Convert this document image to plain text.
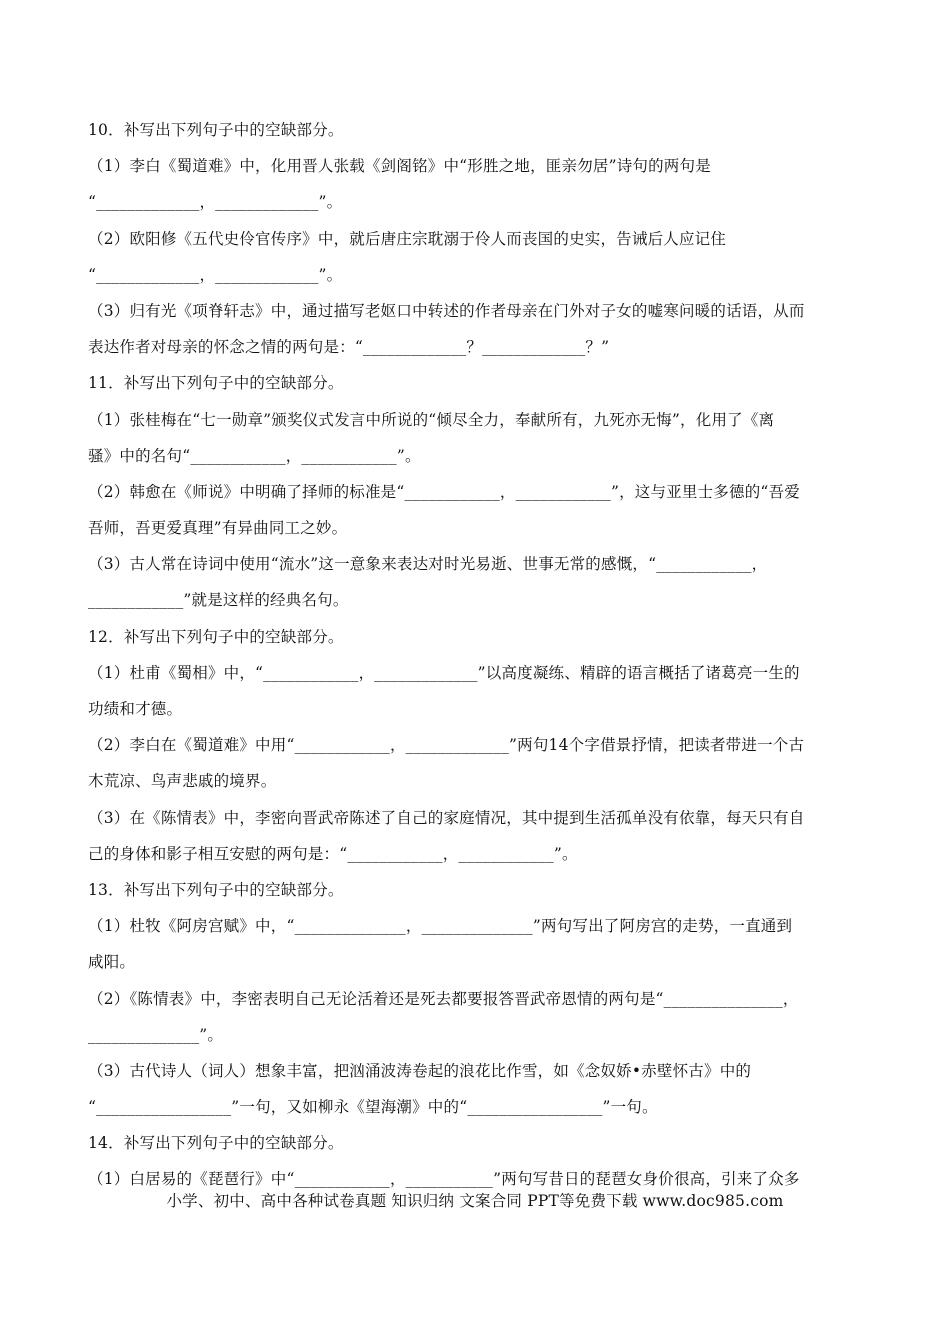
10．补写出下列句子中的空缺部分。
（1）李白《蜀道难》中，化用晋人张载《剑阁铭》中“形胜之地，匪亲勿居”诗句的两句是
“_____________，_____________”。
（2）欧阳修《五代史伶官传序》中，就后唐庄宗耽溺于伶人而丧国的史实，告诫后人应记住
“_____________，_____________”。
（3）归有光《项脊轩志》中，通过描写老妪口中转述的作者母亲在门外对子女的嘘寒问暖的话语，从而
表达作者对母亲的怀念之情的两句是：“_____________？_____________？”
11．补写出下列句子中的空缺部分。
（1）张桂梅在“七一勋章”颁奖仪式发言中所说的“倾尽全力，奉献所有，九死亦无悔”，化用了《离
骚》中的名句“____________，____________”。
（2）韩愈在《师说》中明确了择师的标准是“____________，____________”，这与亚里士多德的“吾爱
吾师，吾更爱真理”有异曲同工之妙。
（3）古人常在诗词中使用“流水”这一意象来表达对时光易逝、世事无常的感慨，“____________，
____________”就是这样的经典名句。
12．补写出下列句子中的空缺部分。
（1）杜甫《蜀相》中，“____________，_____________”以高度凝练、精辟的语言概括了诸葛亮一生的
功绩和才德。
（2）李白在《蜀道难》中用“____________，_____________”两句14个字借景抒情，把读者带进一个古
木荒凉、鸟声悲戚的境界。
（3）在《陈情表》中，李密向晋武帝陈述了自己的家庭情况，其中提到生活孤单没有依靠，每天只有自
己的身体和影子相互安慰的两句是：“____________，____________”。
13．补写出下列句子中的空缺部分。
（1）杜牧《阿房宫赋》中，“______________，______________”两句写出了阿房宫的走势，一直通到
咸阳。
（2）《陈情表》中，李密表明自己无论活着还是死去都要报答晋武帝恩情的两句是“_______________，
______________”。
（3）古代诗人（词人）想象丰富，把汹涌波涛卷起的浪花比作雪，如《念奴娇•赤壁怀古》中的
“_________________”一句，又如柳永《望海潮》中的“_________________”一句。
14．补写出下列句子中的空缺部分。
（1）白居易的《琵琶行》中“____________，___________”两句写昔日的琵琶女身价很高，引来了众多
小学、初中、高中各种试卷真题 知识归纳 文案合同 PPT等免费下载 www.doc985.com
